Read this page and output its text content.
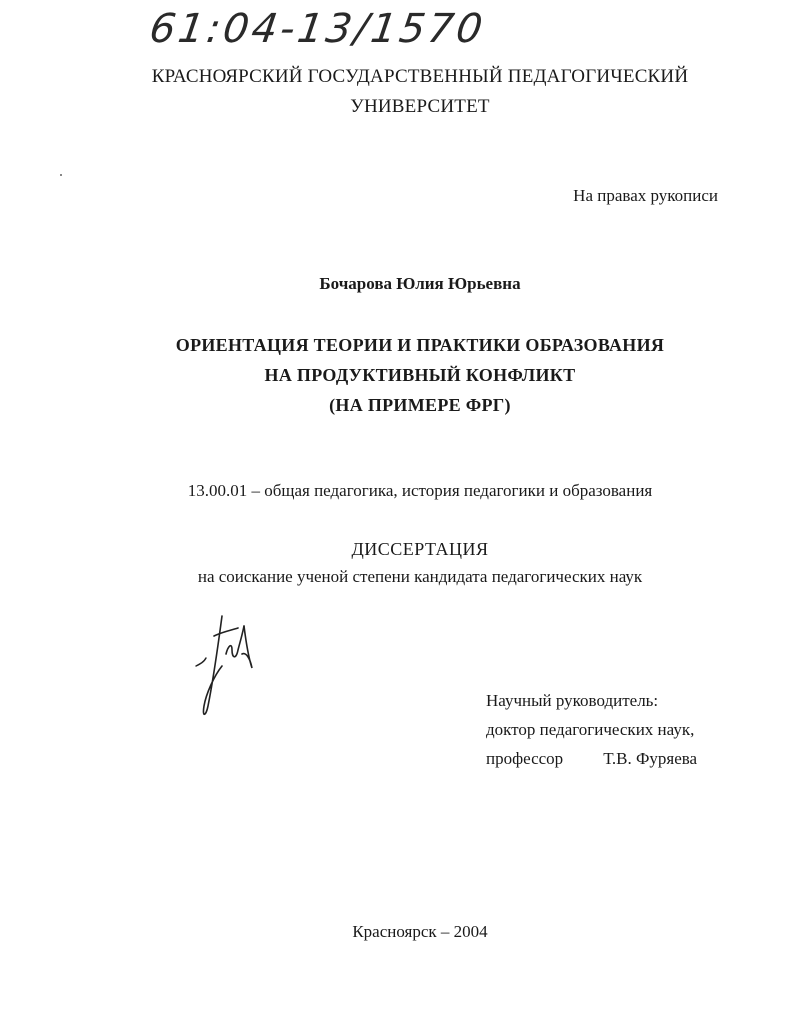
61:04-13/1570
КРАСНОЯРСКИЙ ГОСУДАРСТВЕННЫЙ ПЕДАГОГИЧЕСКИЙ
УНИВЕРСИТЕТ
На правах рукописи
Бочарова Юлия Юрьевна
ОРИЕНТАЦИЯ ТЕОРИИ И ПРАКТИКИ ОБРАЗОВАНИЯ
НА ПРОДУКТИВНЫЙ КОНФЛИКТ
(НА ПРИМЕРЕ ФРГ)
13.00.01 – общая педагогика, история педагогики и образования
ДИССЕРТАЦИЯ
на соискание ученой степени кандидата педагогических наук
Научный руководитель:
доктор педагогических наук,
профессор Т.В. Фуряева
Красноярск – 2004
